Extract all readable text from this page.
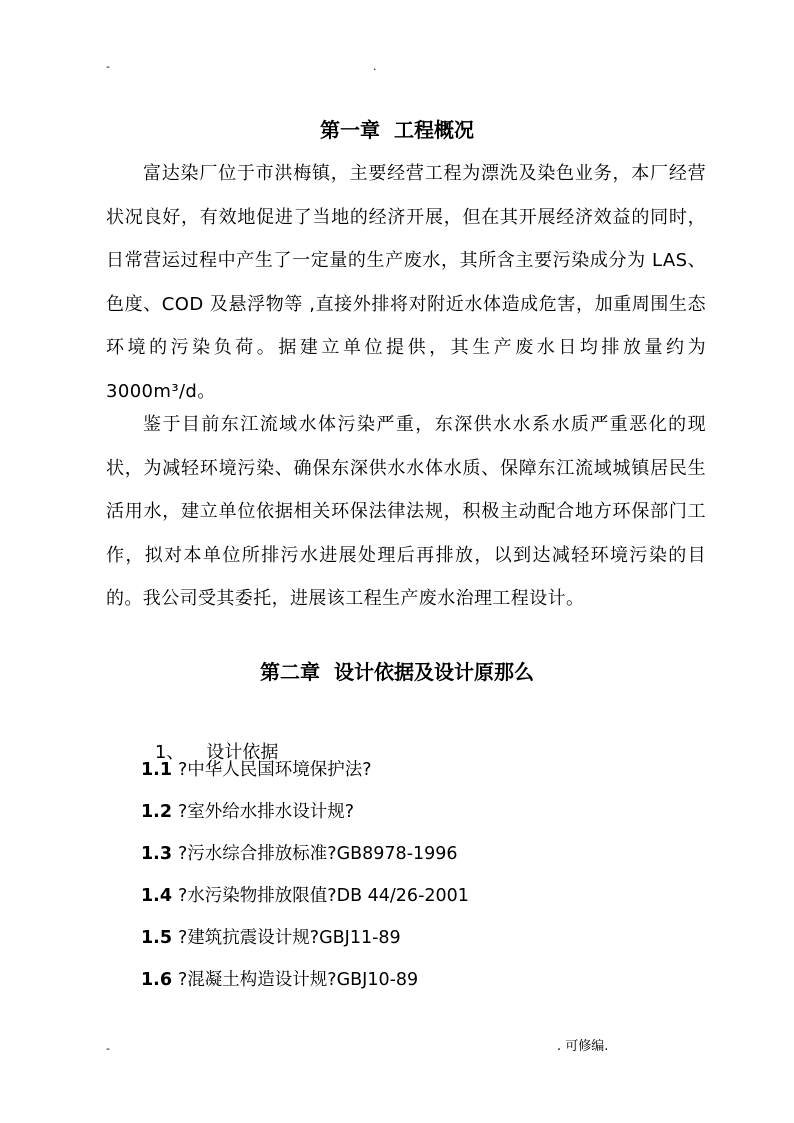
-	.
第一章  工程概况

富达染厂位于市洪梅镇，主要经营工程为漂洗及染色业务，本厂经营状况良好，有效地促进了当地的经济开展，但在其开展经济效益的同时，日常营运过程中产生了一定量的生产废水，其所含主要污染成分为 LAS、色度、COD 及悬浮物等 ,直接外排将对附近水体造成危害，加重周围生态环境的污染负荷。据建立单位提供，其生产废水日均排放量约为 3000m³/d。

鉴于目前东江流域水体污染严重，东深供水水系水质严重恶化的现状，为减轻环境污染、确保东深供水水体水质、保障东江流域城镇居民生活用水，建立单位依据相关环保法律法规，积极主动配合地方环保部门工作，拟对本单位所排污水进展处理后再排放，以到达减轻环境污染的目的。我公司受其委托，进展该工程生产废水治理工程设计。

第二章  设计依据及设计原那么

1、 设计依据

1.1 ?中华人民国环境保护法?
1.2 ?室外给水排水设计规?
1.3 ?污水综合排放标准?GB8978-1996
1.4 ?水污染物排放限值?DB 44/26-2001
1.5 ?建筑抗震设计规?GBJ11-89
1.6 ?混凝土构造设计规?GBJ10-89
-	. 可修编.
